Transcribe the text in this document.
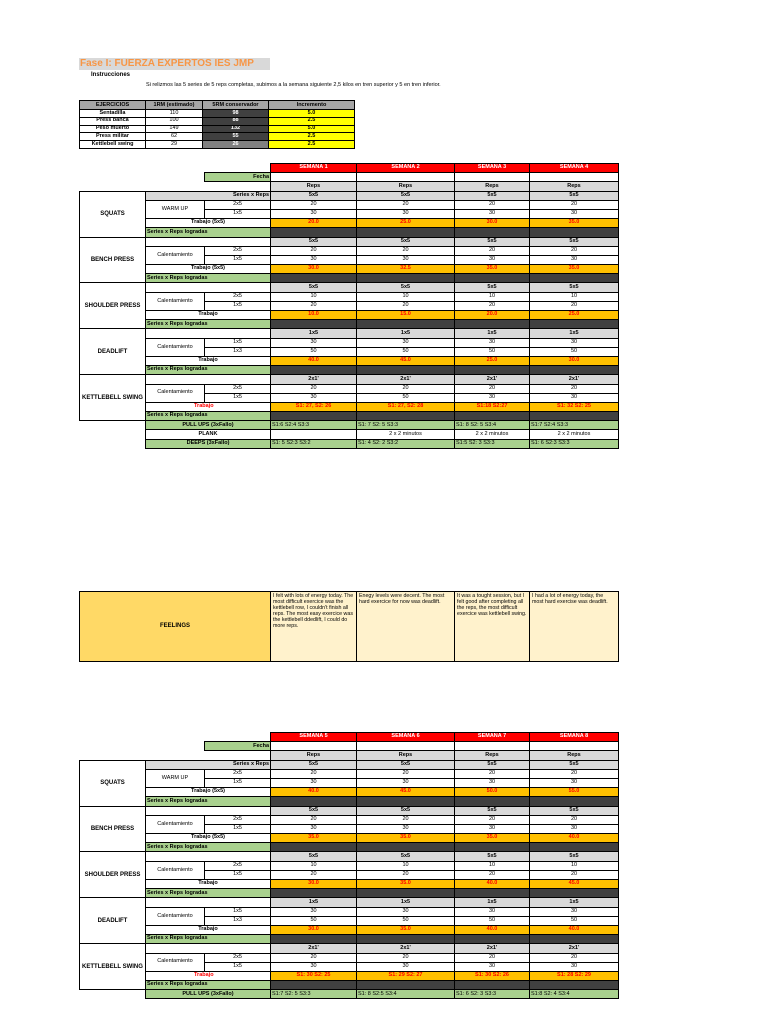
Fase I: FUERZA EXPERTOS IES JMP
Instrucciones
Si relizmos las 5 series de 5 reps completas, subimos a la semana siguiente 2,5 kilos en tren superior y 5 en tren inferior.
EJERCICIOS	1RM (estimado)	5RM conservador	Incremento
Sentadilla	110	98	5.0
Press banca	100	88	2.5
Peso muerto	149	132	5.0
Press militar	62	55	2.5
Kettlebell swing	29	26	2.5
			SEMANA 1	SEMANA 2	SEMANA 3	SEMANA 4
		Fecha				
			Reps	Reps	Reps	Reps
SQUATS	Series x Reps		5x5	5x5	5x5	5x5
	WARM UP	2x5	20	20	20	20
		1x5	30	30	30	30
	Trabajo (5x5)		20.0	25.0	30.0	35.0
	Series x Reps logradas					
BENCH PRESS			5x5	5x5	5x5	5x5
	Calentamiento	2x5	20	20	20	20
		1x5	30	30	30	30
	Trabajo (5x5)		30.0	32.5	35.0	35.0
	Series x Reps logradas					
SHOULDER PRESS			5x5	5x5	5x5	5x5
	Calentamiento	2x5	10	10	10	10
		1x5	20	20	20	20
	Trabajo		10.0	15.0	20.0	25.0
	Series x Reps logradas					
DEADLIFT			1x5	1x5	1x5	1x5
	Calentamiento	1x5	30	30	30	30
		1x3	50	50	50	50
	Trabajo		40.0	45.0	25.0	30.0
	Series x Reps logradas					
KETTLEBELL SWING			2x1'	2x1'	2x1'	2x1'
	Calentamiento	2x5	20	20	20	20
		1x5	30	50	30	30
	Trabajo		S1: 27, S2: 26	S1: 27, S2: 28	S1:18 S2:27	S1: 32 S2: 25
	Series x Reps logradas					
	PULL UPS (3xFallo)		S1:6 S2:4 S3:3	S1: 7 S2: 5 S3:3	S1: 8 S2: 5 S3:4	S1:7 S2:4 S3:3
	PLANK			2 x 2 minutos	2 x 2 minutos	2 x 2 minutos
	DEEPS (3xFallo)		S1: 5 S2:3 S3:2	S1: 4 S2: 2 S3:2	S1:5 S2: 3 S3:3	S1: 6 S2:3 S3:3
FEELINGS	I felt with lots of energy today. The most difficult exercice was the kettlebell row, I couldn't finish all reps. The most easy exercice was the kettlebell ddedlift, I could do more reps.	Enegy levels were decent. The most hard exercice for now was deadlift.	It was a tought session, but I felt good after completing all the reps, the most difficult exercice was kettlebell swing.	I had a lot of energy today, the most hard exercise was deadlift.
			SEMANA 5	SEMANA 6	SEMANA 7	SEMANA 8
		Fecha				
			Reps	Reps	Reps	Reps
SQUATS	Series x Reps		5x5	5x5	5x5	5x5
	WARM UP	2x5	20	20	20	20
		1x5	30	30	30	30
	Trabajo (5x5)		40.0	45.0	50.0	55.0
	Series x Reps logradas					
BENCH PRESS			5x5	5x5	5x5	5x5
	Calentamiento	2x5	20	20	20	20
		1x5	30	30	30	30
	Trabajo (5x5)		35.0	35.0	35.0	40.0
	Series x Reps logradas					
SHOULDER PRESS			5x5	5x5	5x5	5x5
	Calentamiento	2x5	10	10	10	10
		1x5	20	20	20	20
	Trabajo		30.0	35.0	40.0	45.0
	Series x Reps logradas					
DEADLIFT			1x5	1x5	1x5	1x5
	Calentamiento	1x5	30	30	30	30
		1x3	50	50	50	50
	Trabajo		30.0	35.0	40.0	40.0
	Series x Reps logradas					
KETTLEBELL SWING			2x1'	2x1'	2x1'	2x1'
	Calentamiento	2x5	20	20	20	20
		1x5	30	30	30	30
	Trabajo		S1: 30 S2: 25	S1: 29 S2: 27	S1: 30 S2: 26	S1: 28 S2: 29
	Series x Reps logradas					
	PULL UPS (3xFallo)		S1:7 S2: 5 S3:3	S1: 8 S2:5 S3:4	S1: 6 S2: 3 S3:3	S1:8 S2: 4 S3:4
